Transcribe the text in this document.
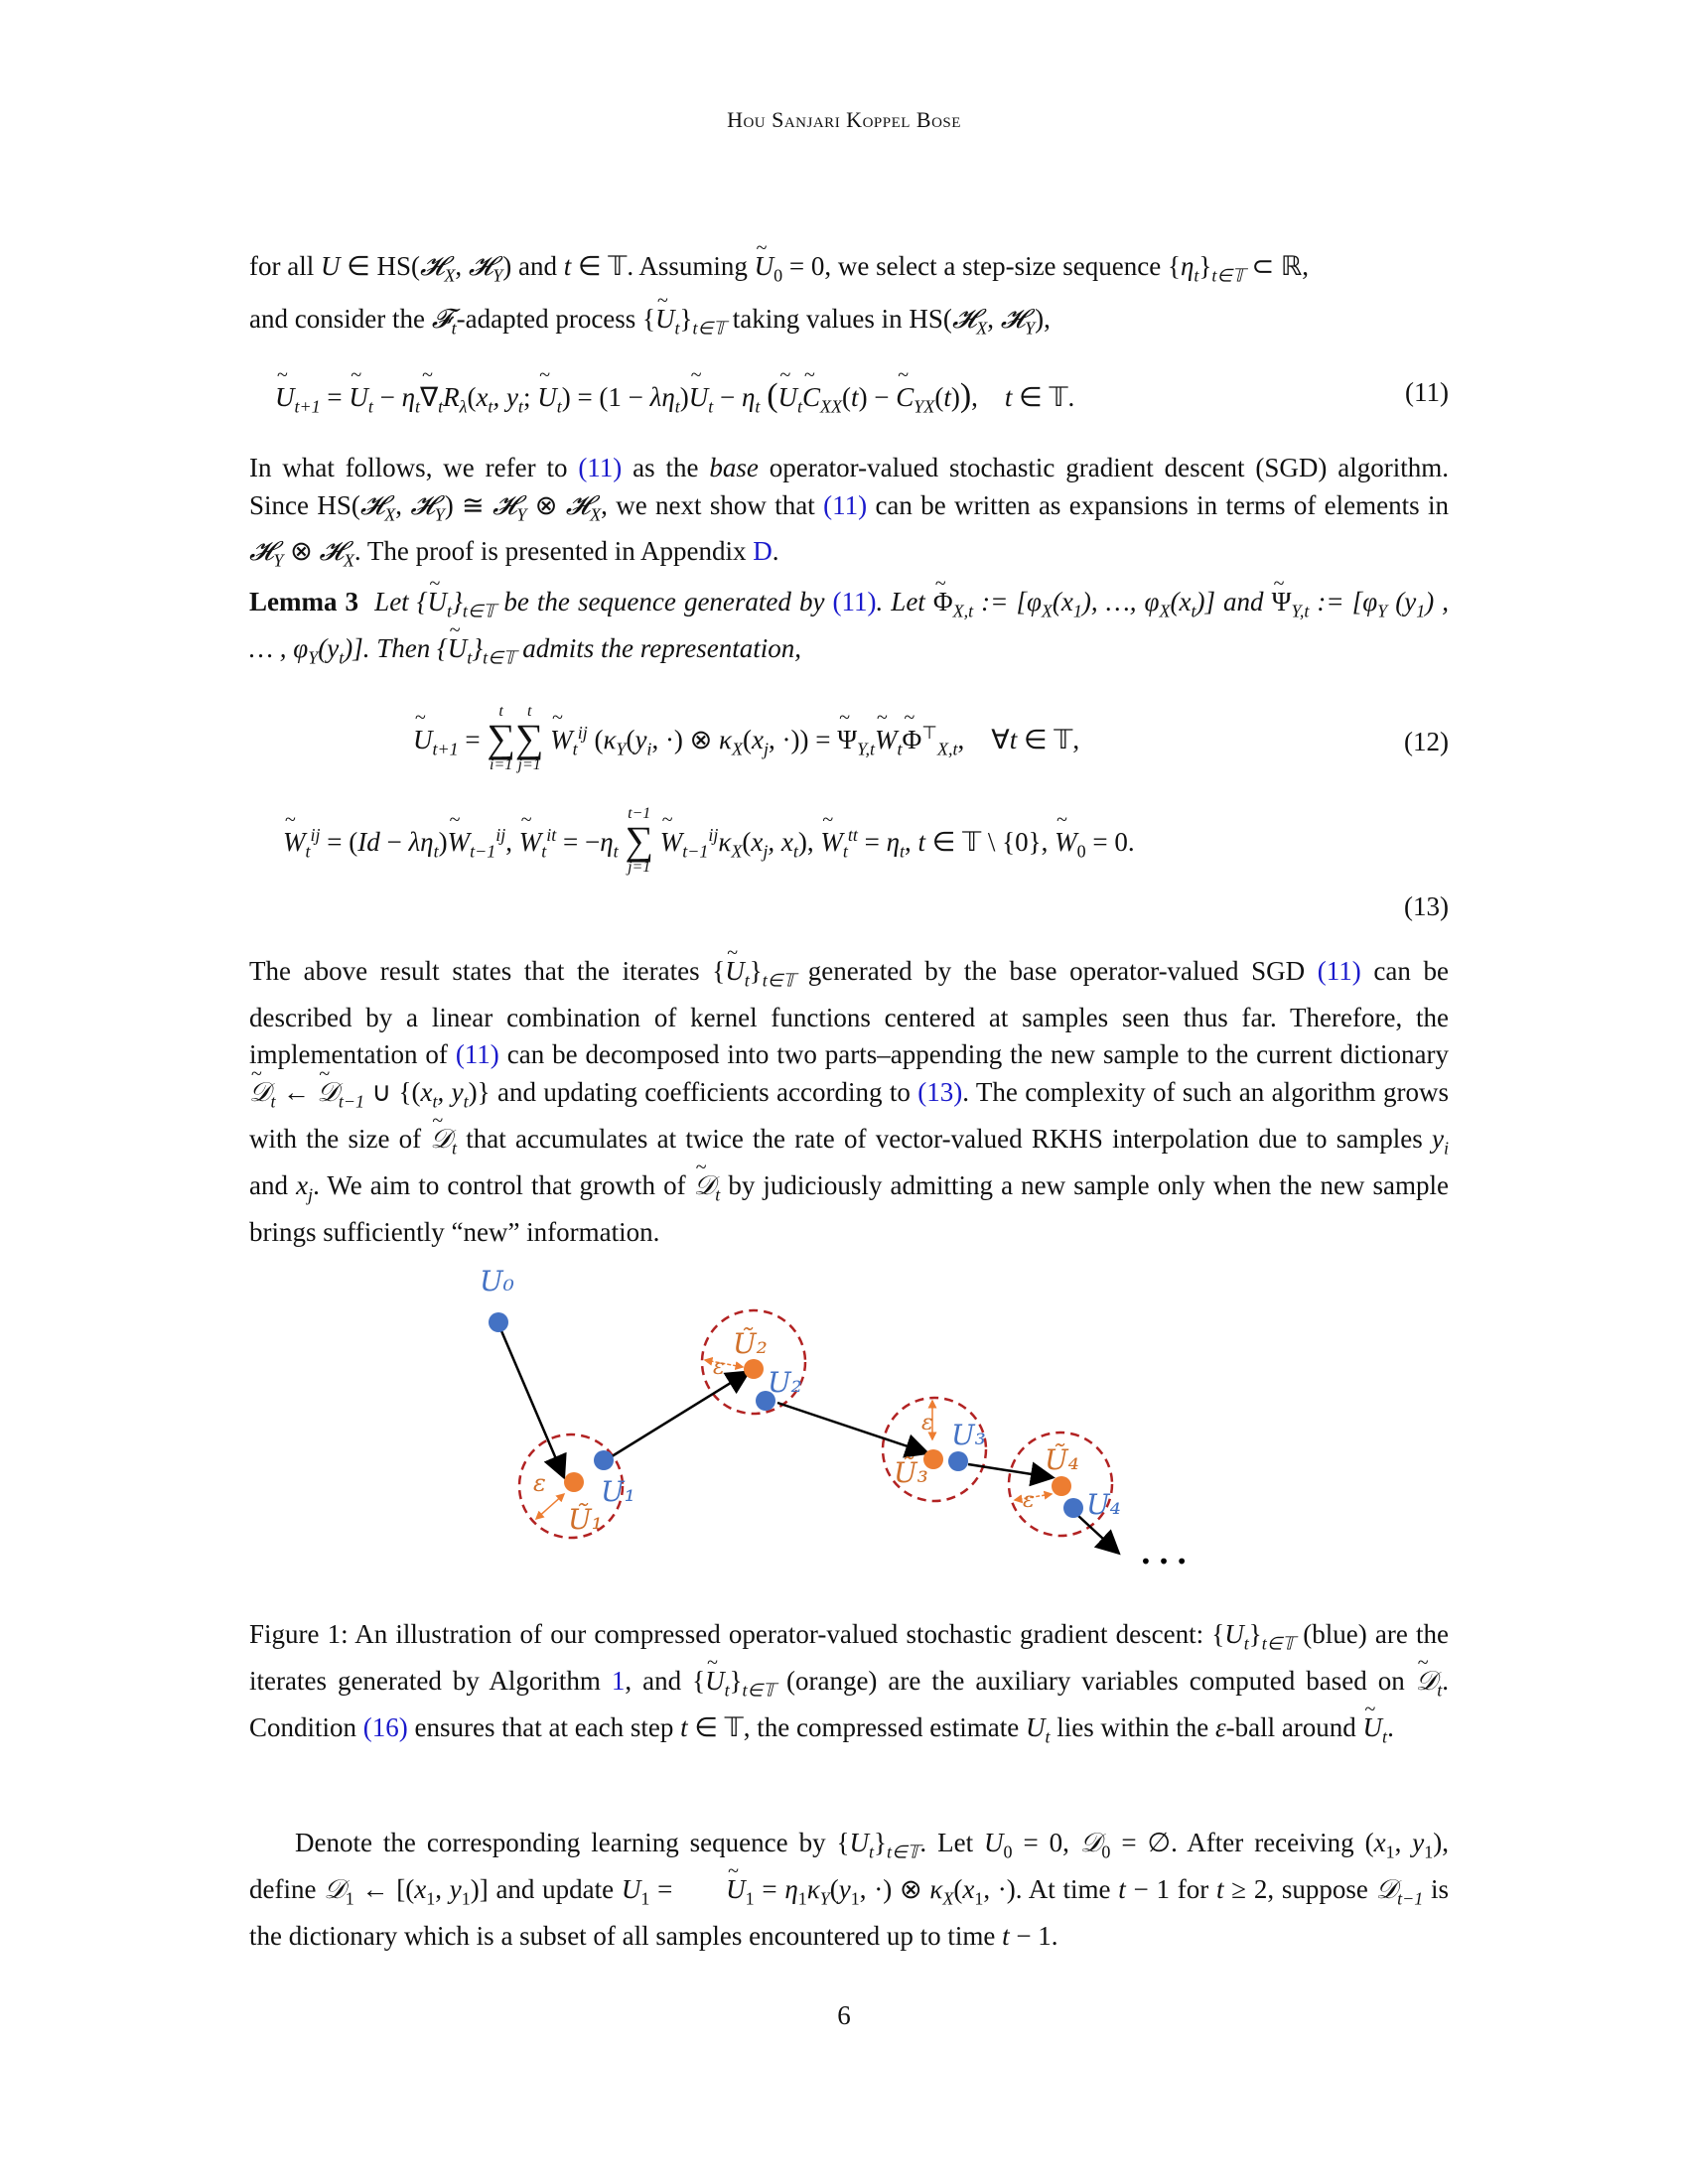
Hou Sanjari Koppel Bose

for all U ∈ HS(𝓗$_X$, 𝓗$_Y$) and t ∈ 𝕋. Assuming ~ $U_0 = 0$, we select a step-size sequence $\{\eta_t\}_{t\in 𝕋}$ ⊂ ℝ,

and consider the 𝓕$_t$-adapted process {~ $U_t\}_{t\in 𝕋}$ taking values in HS(𝓗$_X$, 𝓗$_Y$),

~ $U_{t+1}$ = ~ $U_t$ − $\eta_t\sim$ $\nabla_tR_\lambda(x_t$, $y_t$; ~ $U_t) = (1$ − $\lambda\eta_t)\sim$ $U_t - \eta_t$ (~ $U_t\sim$ $C_{XX}(t)$ − ~ $C_{YX}(t)$),    t ∈ 𝕋.	(11)

In what follows, we refer to (11) as the base operator-valued stochastic gradient descent (SGD) algorithm. Since HS(𝓗$_X$, 𝓗$_Y$) ≅ 𝓗$_Y$ ⊗ 𝓗$_X$, we next show that (11) can be written as expansions in terms of elements in 𝓗$_Y$ ⊗ 𝓗$_X$. The proof is presented in Appendix D.

Lemma 3 Let {~ $U_t\}_{t\in 𝕋}$ be the sequence generated by (11). Let ~ $\Phi_{X,t}$ := [$\varphi_X(x_1)$, …, $\varphi_X(x_t)$] and ~ $\Psi_{Y,t}$ := [$\varphi_Y$ $(y_1)$ , … , $\varphi_Y(y_t)$]. Then {~ $U_t\}_{t\in 𝕋}$ admits the representation,

~ $U_{t+1}$ =
t
∑
i=1
t
∑
j=1
~ $W_t^{ij}$ ($\kappa_Y(y_i$, ·) ⊗ $\kappa_X(x_j$, ·)) = ~ $\Psi_{Y,t}\sim$ $W_t\sim$ $\Phi^⊤_{X,t}$,    ∀t ∈ 𝕋,	(12)
~ $W_t^{ij} = (Id$ − $\lambda\eta_t)\sim$ $W_{t-1}^{ij}$, ~ $W_t^{it} = -\eta_t$
t−1
∑
j=1
~ $W_{t-1}^{ij}\kappa_X(x_j$, $x_t$), ~ $W_t^{tt} = \eta_t$, t ∈ 𝕋 \ {0}, ~ $W_0 = 0$.
(13)

The above result states that the iterates {~ $U_t\}_{t\in 𝕋}$ generated by the base operator-valued SGD (11) can be described by a linear combination of kernel functions centered at samples seen thus far. Therefore, the implementation of (11) can be decomposed into two parts–appending the new sample to the current dictionary ~ 𝒟$_t$ ← ~ 𝒟$_{t-1}$ ∪ {($x_t$, $y_t$)} and updating coefficients according to (13). The complexity of such an algorithm grows with the size of ~ 𝒟$_t$ that accumulates at twice the rate of vector-valued RKHS interpolation due to samples $y_i$ and $x_j$. We aim to control that growth of ~ 𝒟$_t$ by judiciously admitting a new sample only when the new sample brings sufficiently “new” information.

U₀
U₁
U₂
U₃
U₄
Ũ₁
Ũ₂
Ũ₃	Ũ₄
ε
ε
ε
ε
• • •

Figure 1: An illustration of our compressed operator-valued stochastic gradient descent: $\{U_t\}_{t\in 𝕋}$ (blue) are the iterates generated by Algorithm 1, and {~ $U_t\}_{t\in 𝕋}$ (orange) are the auxiliary variables computed based on ~ 𝒟$_t$. Condition (16) ensures that at each step t ∈ 𝕋, the compressed estimate $U_t$ lies within the ε-ball around ~ $U_t$.

Denote the corresponding learning sequence by $\{U_t\}_{t\in 𝕋}$. Let $U_0 = 0$, 𝒟$_0$ = ∅. After receiving ($x_1$, $y_1$), define 𝒟$_1$ ← [($x_1$, $y_1$)] and update $U_1$ = ~ $U_1 = \eta_1\kappa_Y(y_1$, ·) ⊗ $\kappa_X(x_1$, ·). At time t − 1 for t ≥ 2, suppose 𝒟$_{t-1}$ is the dictionary which is a subset of all samples encountered up to time t − 1.

6
